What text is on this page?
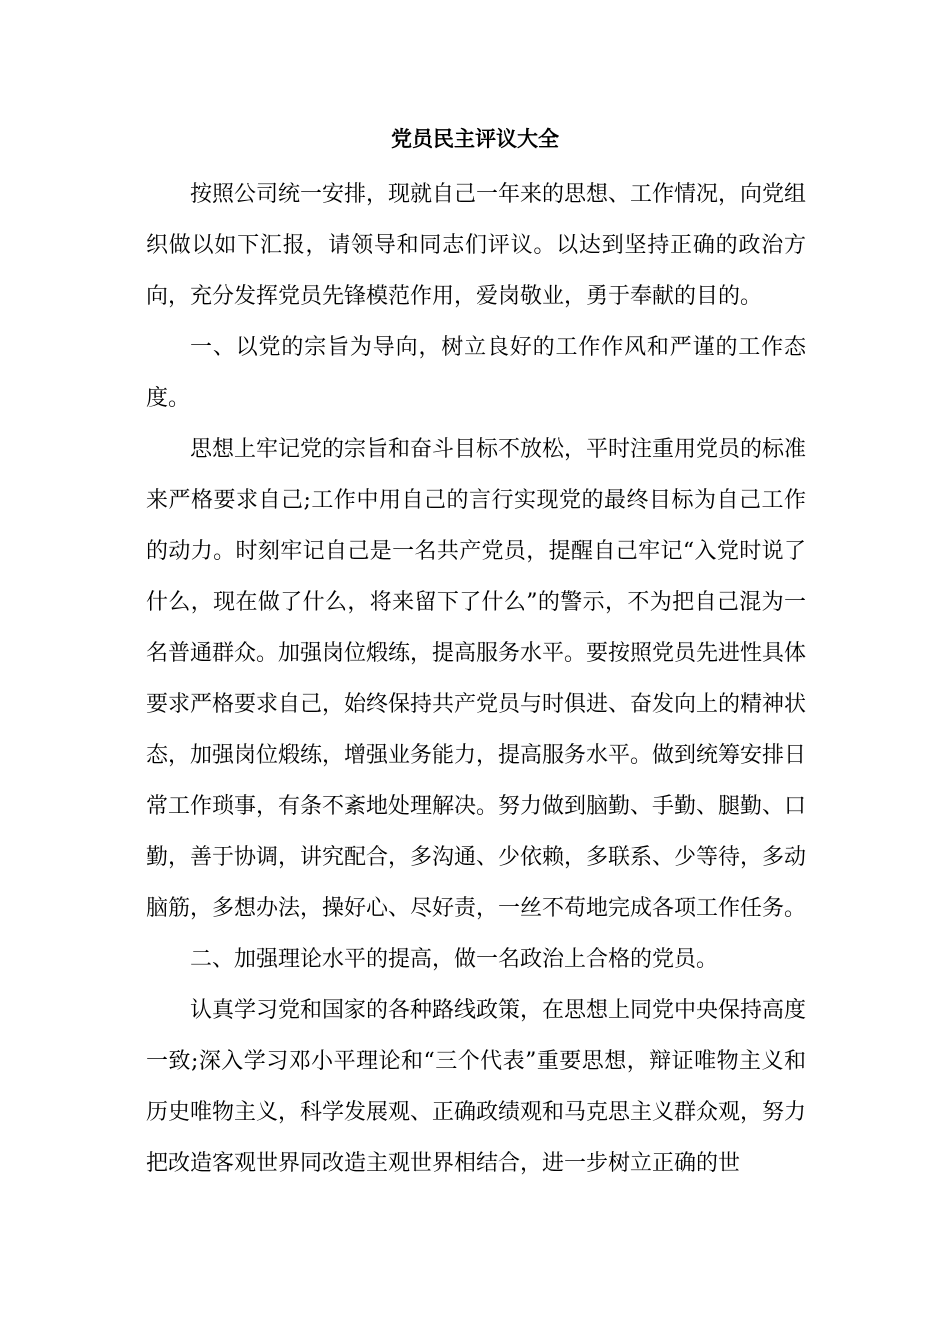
党员民主评议大全

按照公司统一安排，现就自己一年来的思想、工作情况，向党组织做以如下汇报，请领导和同志们评议。以达到坚持正确的政治方向，充分发挥党员先锋模范作用，爱岗敬业，勇于奉献的目的。

一、以党的宗旨为导向，树立良好的工作作风和严谨的工作态度。

思想上牢记党的宗旨和奋斗目标不放松，平时注重用党员的标准来严格要求自己;工作中用自己的言行实现党的最终目标为自己工作的动力。时刻牢记自己是一名共产党员，提醒自己牢记“入党时说了什么，现在做了什么，将来留下了什么”的警示，不为把自己混为一名普通群众。加强岗位煅练，提高服务水平。要按照党员先进性具体要求严格要求自己，始终保持共产党员与时俱进、奋发向上的精神状态，加强岗位煅练，增强业务能力，提高服务水平。做到统筹安排日常工作琐事，有条不紊地处理解决。努力做到脑勤、手勤、腿勤、口勤，善于协调，讲究配合，多沟通、少依赖，多联系、少等待，多动脑筋，多想办法，操好心、尽好责，一丝不苟地完成各项工作任务。

二、加强理论水平的提高，做一名政治上合格的党员。

认真学习党和国家的各种路线政策，在思想上同党中央保持高度一致;深入学习邓小平理论和“三个代表”重要思想，辩证唯物主义和历史唯物主义，科学发展观、正确政绩观和马克思主义群众观，努力把改造客观世界同改造主观世界相结合，进一步树立正确的世
